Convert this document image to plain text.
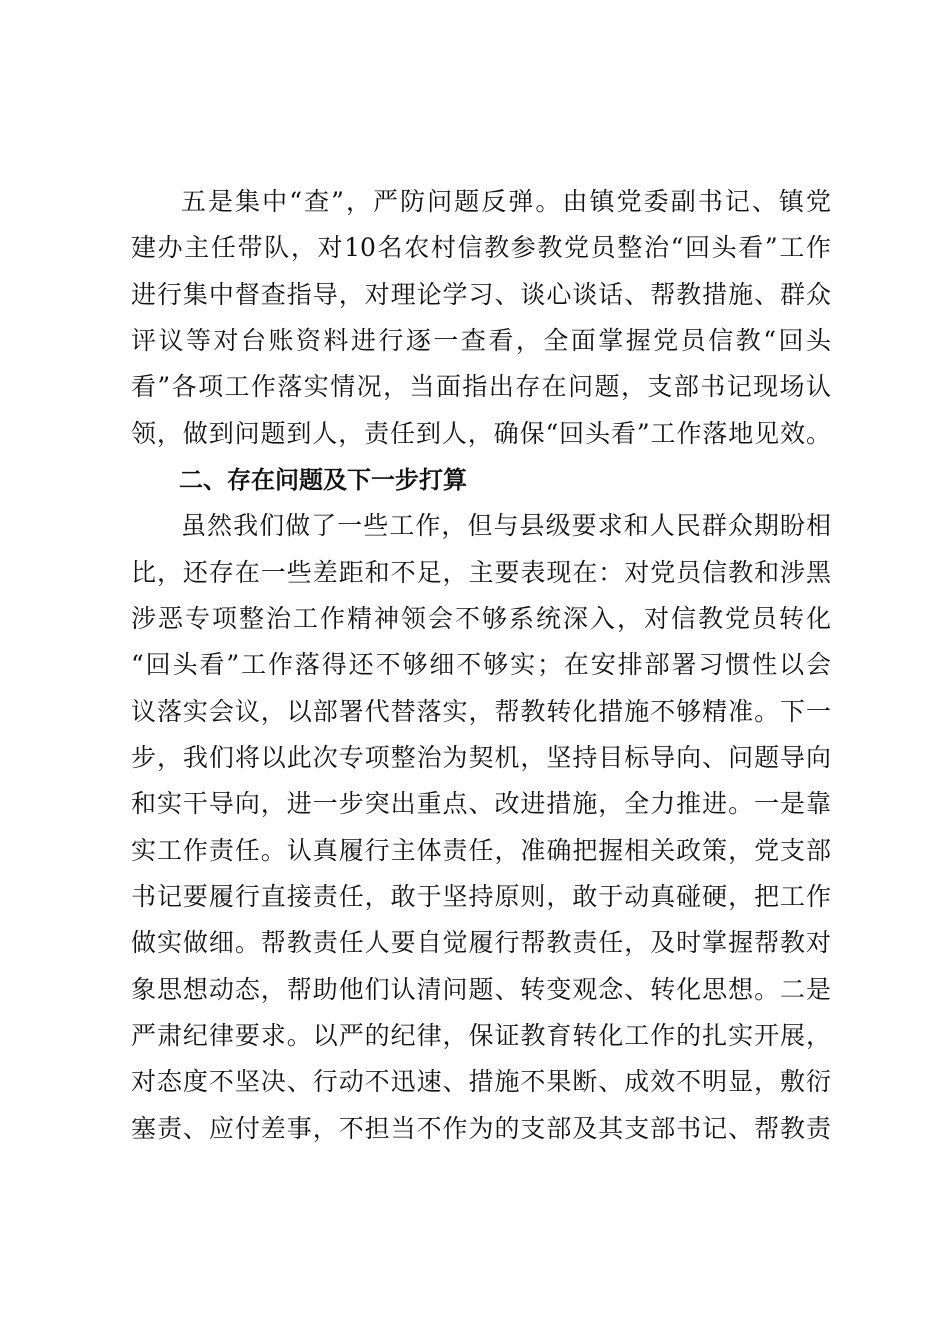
五是集中“查”，严防问题反弹。由镇党委副书记、镇党
建办主任带队，对10名农村信教参教党员整治“回头看”工作
进行集中督查指导，对理论学习、谈心谈话、帮教措施、群众
评议等对台账资料进行逐一查看，全面掌握党员信教“回头
看”各项工作落实情况，当面指出存在问题，支部书记现场认
领，做到问题到人，责任到人，确保“回头看”工作落地见效。
二、存在问题及下一步打算
虽然我们做了一些工作，但与县级要求和人民群众期盼相
比，还存在一些差距和不足，主要表现在：对党员信教和涉黑
涉恶专项整治工作精神领会不够系统深入，对信教党员转化
“回头看”工作落得还不够细不够实；在安排部署习惯性以会
议落实会议，以部署代替落实，帮教转化措施不够精准。下一
步，我们将以此次专项整治为契机，坚持目标导向、问题导向
和实干导向，进一步突出重点、改进措施，全力推进。一是靠
实工作责任。认真履行主体责任，准确把握相关政策，党支部
书记要履行直接责任，敢于坚持原则，敢于动真碰硬，把工作
做实做细。帮教责任人要自觉履行帮教责任，及时掌握帮教对
象思想动态，帮助他们认清问题、转变观念、转化思想。二是
严肃纪律要求。以严的纪律，保证教育转化工作的扎实开展，
对态度不坚决、行动不迅速、措施不果断、成效不明显，敷衍
塞责、应付差事，不担当不作为的支部及其支部书记、帮教责
